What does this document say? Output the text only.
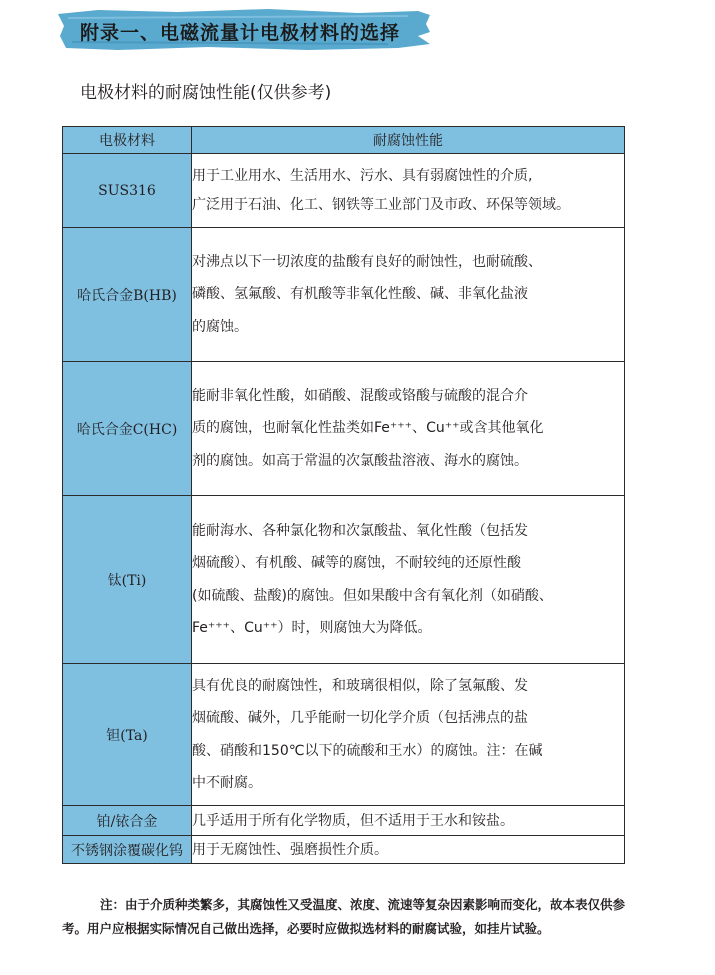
附录一、电磁流量计电极材料的选择
电极材料的耐腐蚀性能(仅供参考)
电极材料	耐腐蚀性能
SUS316	用于工业用水、生活用水、污水、具有弱腐蚀性的介质,
广泛用于石油、化工、钢铁等工业部门及市政、环保等领域。

哈氏合金B(HB)	对沸点以下一切浓度的盐酸有良好的耐蚀性，也耐硫酸、
磷酸、氢氟酸、有机酸等非氧化性酸、碱、非氧化盐液
的腐蚀。

哈氏合金C(HC)	能耐非氧化性酸，如硝酸、混酸或铬酸与硫酸的混合介
质的腐蚀，也耐氧化性盐类如Fe⁺⁺⁺、Cu⁺⁺或含其他氧化
剂的腐蚀。如高于常温的次氯酸盐溶液、海水的腐蚀。

钛(Ti)	能耐海水、各种氯化物和次氯酸盐、氧化性酸（包括发
烟硫酸）、有机酸、碱等的腐蚀，不耐较纯的还原性酸
(如硫酸、盐酸)的腐蚀。但如果酸中含有氧化剂（如硝酸、
Fe⁺⁺⁺、Cu⁺⁺）时，则腐蚀大为降低。

钽(Ta)	具有优良的耐腐蚀性，和玻璃很相似，除了氢氟酸、发
烟硫酸、碱外，几乎能耐一切化学介质（包括沸点的盐
酸、硝酸和150℃以下的硫酸和王水）的腐蚀。注：在碱
中不耐腐。

铂/铱合金	几乎适用于所有化学物质，但不适用于王水和铵盐。

不锈钢涂覆碳化钨	用于无腐蚀性、强磨损性介质。
注：由于介质种类繁多，其腐蚀性又受温度、浓度、流速等复杂因素影响而变化，故本表仅供参考。用户应根据实际情况自己做出选择，必要时应做拟选材料的耐腐试验，如挂片试验。
